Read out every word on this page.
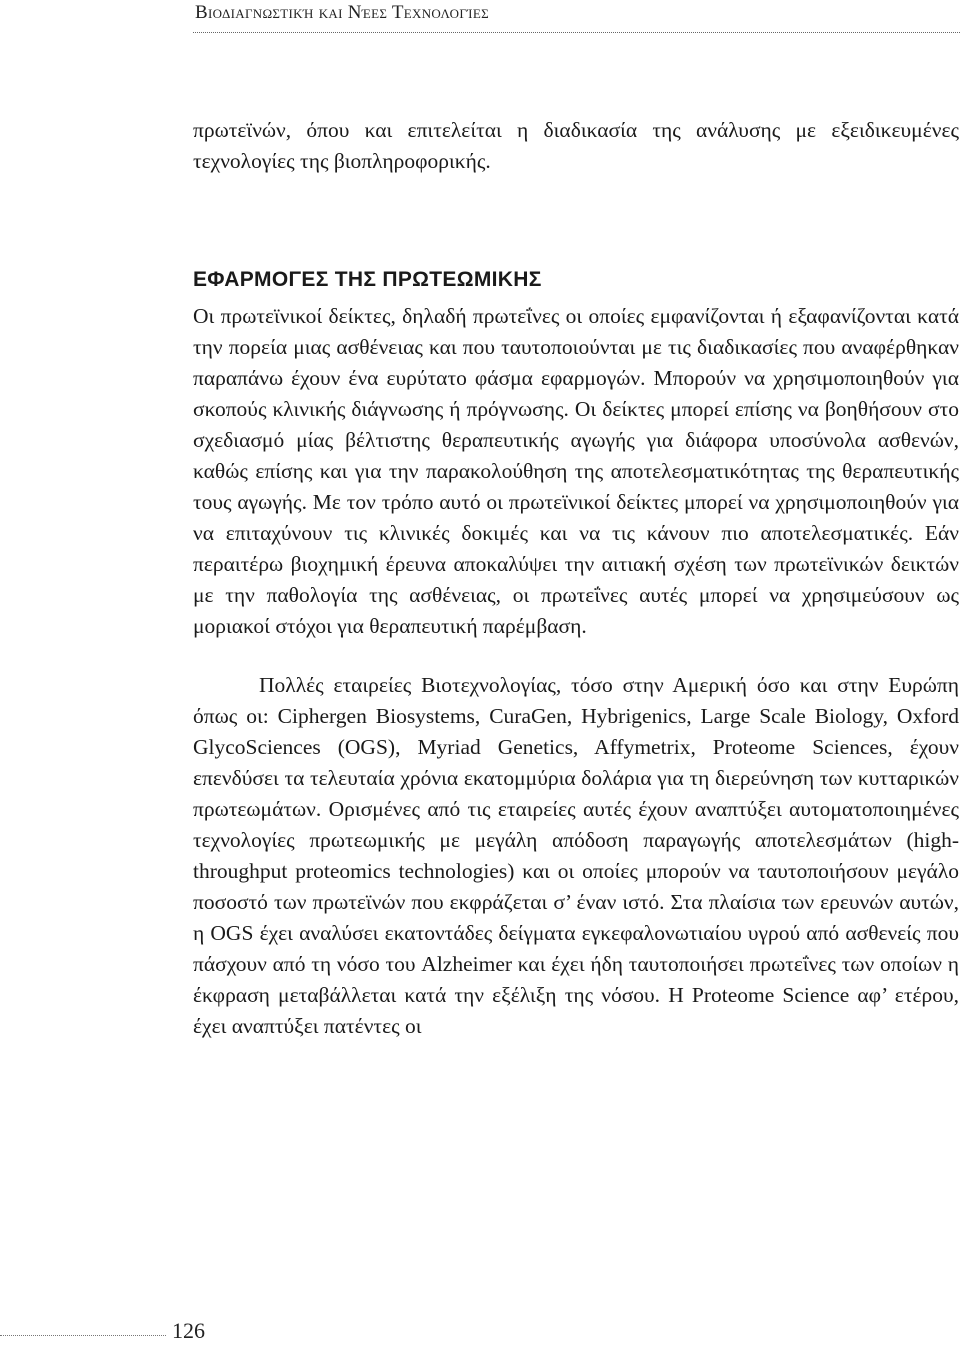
Βιοδιαγνωστική και Νέες Τεχνολογίες

πρωτεϊνών, όπου και επιτελείται η διαδικασία της ανάλυσης με εξειδικευμένες τεχνολογίες της βιοπληροφορικής.

ΕΦΑΡΜΟΓΕΣ ΤΗΣ ΠΡΩΤΕΩΜΙΚΗΣ

Οι πρωτεϊνικοί δείκτες, δηλαδή πρωτεΐνες οι οποίες εμφανίζονται ή εξαφανίζονται κατά την πορεία μιας ασθένειας και που ταυτοποιούνται με τις διαδικασίες που αναφέρθηκαν παραπάνω έχουν ένα ευρύτατο φάσμα εφαρμογών. Μπορούν να χρησιμοποιηθούν για σκοπούς κλινικής διάγνωσης ή πρόγνωσης. Οι δείκτες μπορεί επίσης να βοηθήσουν στο σχεδιασμό μίας βέλτιστης θεραπευτικής αγωγής για διάφορα υποσύνολα ασθενών, καθώς επίσης και για την παρακολούθηση της αποτελεσματικότητας της θεραπευτικής τους αγωγής. Με τον τρόπο αυτό οι πρωτεϊνικοί δείκτες μπορεί να χρησιμοποιηθούν για να επιταχύνουν τις κλινικές δοκιμές και να τις κάνουν πιο αποτελεσματικές. Εάν περαιτέρω βιοχημική έρευνα αποκαλύψει την αιτιακή σχέση των πρωτεϊνικών δεικτών με την παθολογία της ασθένειας, οι πρωτεΐνες αυτές μπορεί να χρησιμεύσουν ως μοριακοί στόχοι για θεραπευτική παρέμβαση.

Πολλές εταιρείες Βιοτεχνολογίας, τόσο στην Αμερική όσο και στην Ευρώπη όπως οι: Ciphergen Biosystems, CuraGen, Hybrigenics, Large Scale Biology, Oxford GlycoSciences (OGS), Myriad Genetics, Affymetrix, Proteome Sciences, έχουν επενδύσει τα τελευταία χρόνια εκατομμύρια δολάρια για τη διερεύνηση των κυτταρικών πρωτεωμάτων. Ορισμένες από τις εταιρείες αυτές έχουν αναπτύξει αυτοματοποιημένες τεχνολογίες πρωτεωμικής με μεγάλη απόδοση παραγωγής αποτελεσμάτων (high-throughput proteomics technologies) και οι οποίες μπορούν να ταυτοποιήσουν μεγάλο ποσοστό των πρωτεϊνών που εκφράζεται σ’ έναν ιστό. Στα πλαίσια των ερευνών αυτών, η OGS έχει αναλύσει εκατοντάδες δείγματα εγκεφαλονωτιαίου υγρού από ασθενείς που πάσχουν από τη νόσο του Alzheimer και έχει ήδη ταυτοποιήσει πρωτεΐνες των οποίων η έκφραση μεταβάλλεται κατά την εξέλιξη της νόσου. Η Proteome Science αφ’ ετέρου, έχει αναπτύξει πατέντες οι

126
